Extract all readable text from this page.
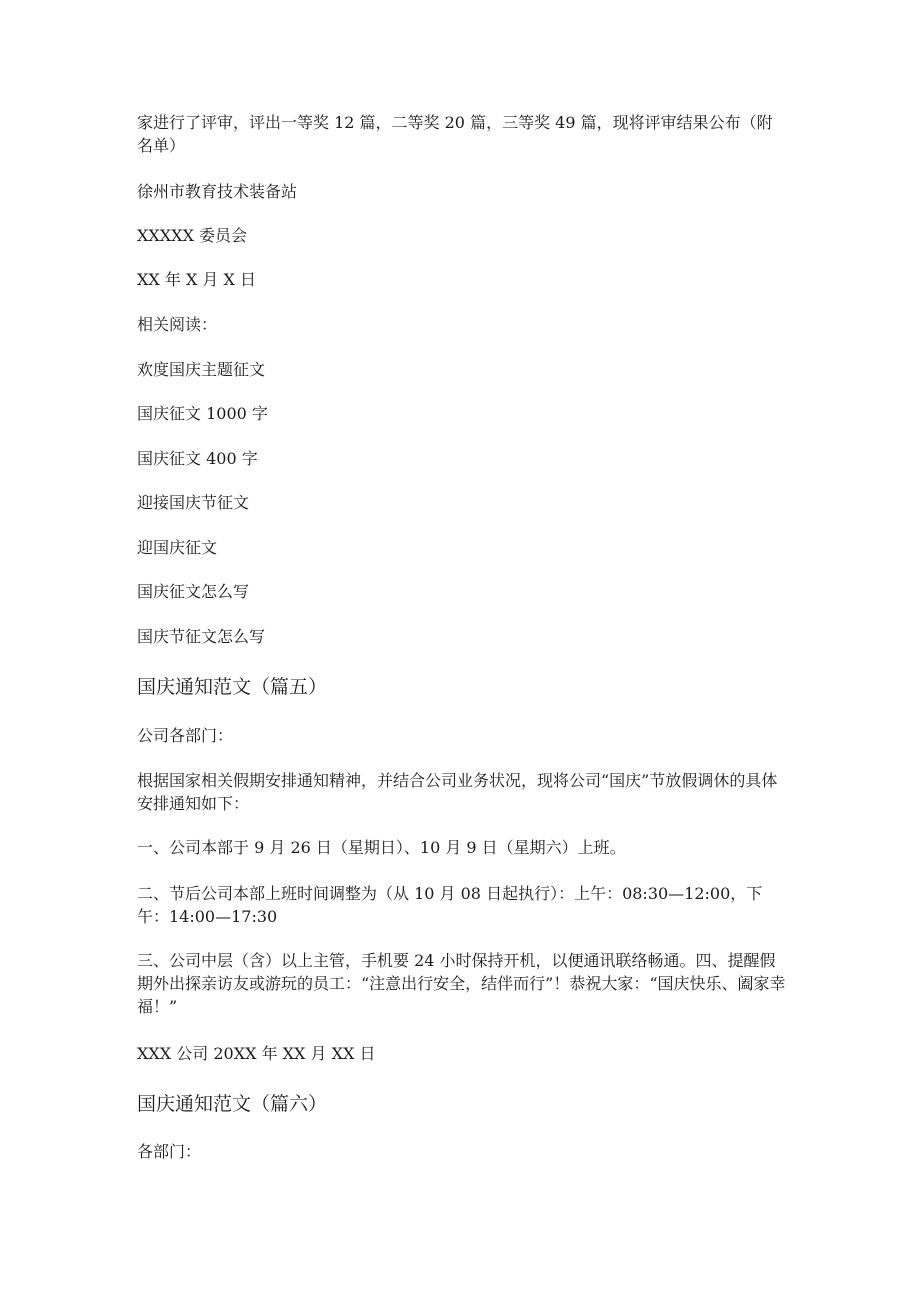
家进行了评审，评出一等奖 12 篇，二等奖 20 篇，三等奖 49 篇，现将评审结果公布（附名单）
徐州市教育技术装备站
XXXXX 委员会
XX 年 X 月 X 日
相关阅读：
欢度国庆主题征文
国庆征文 1000 字
国庆征文 400 字
迎接国庆节征文
迎国庆征文
国庆征文怎么写
国庆节征文怎么写
国庆通知范文（篇五）
公司各部门：
根据国家相关假期安排通知精神，并结合公司业务状况，现将公司“国庆”节放假调休的具体安排通知如下：
一、公司本部于 9 月 26 日（星期日）、10 月 9 日（星期六）上班。
二、节后公司本部上班时间调整为（从 10 月 08 日起执行）：上午：08:30—12:00，下午：14:00—17:30
三、公司中层（含）以上主管，手机要 24 小时保持开机，以便通讯联络畅通。四、提醒假期外出探亲访友或游玩的员工：“注意出行安全，结伴而行”！恭祝大家：“国庆快乐、阖家幸福！”
XXX 公司 20XX 年 XX 月 XX 日
国庆通知范文（篇六）
各部门：
